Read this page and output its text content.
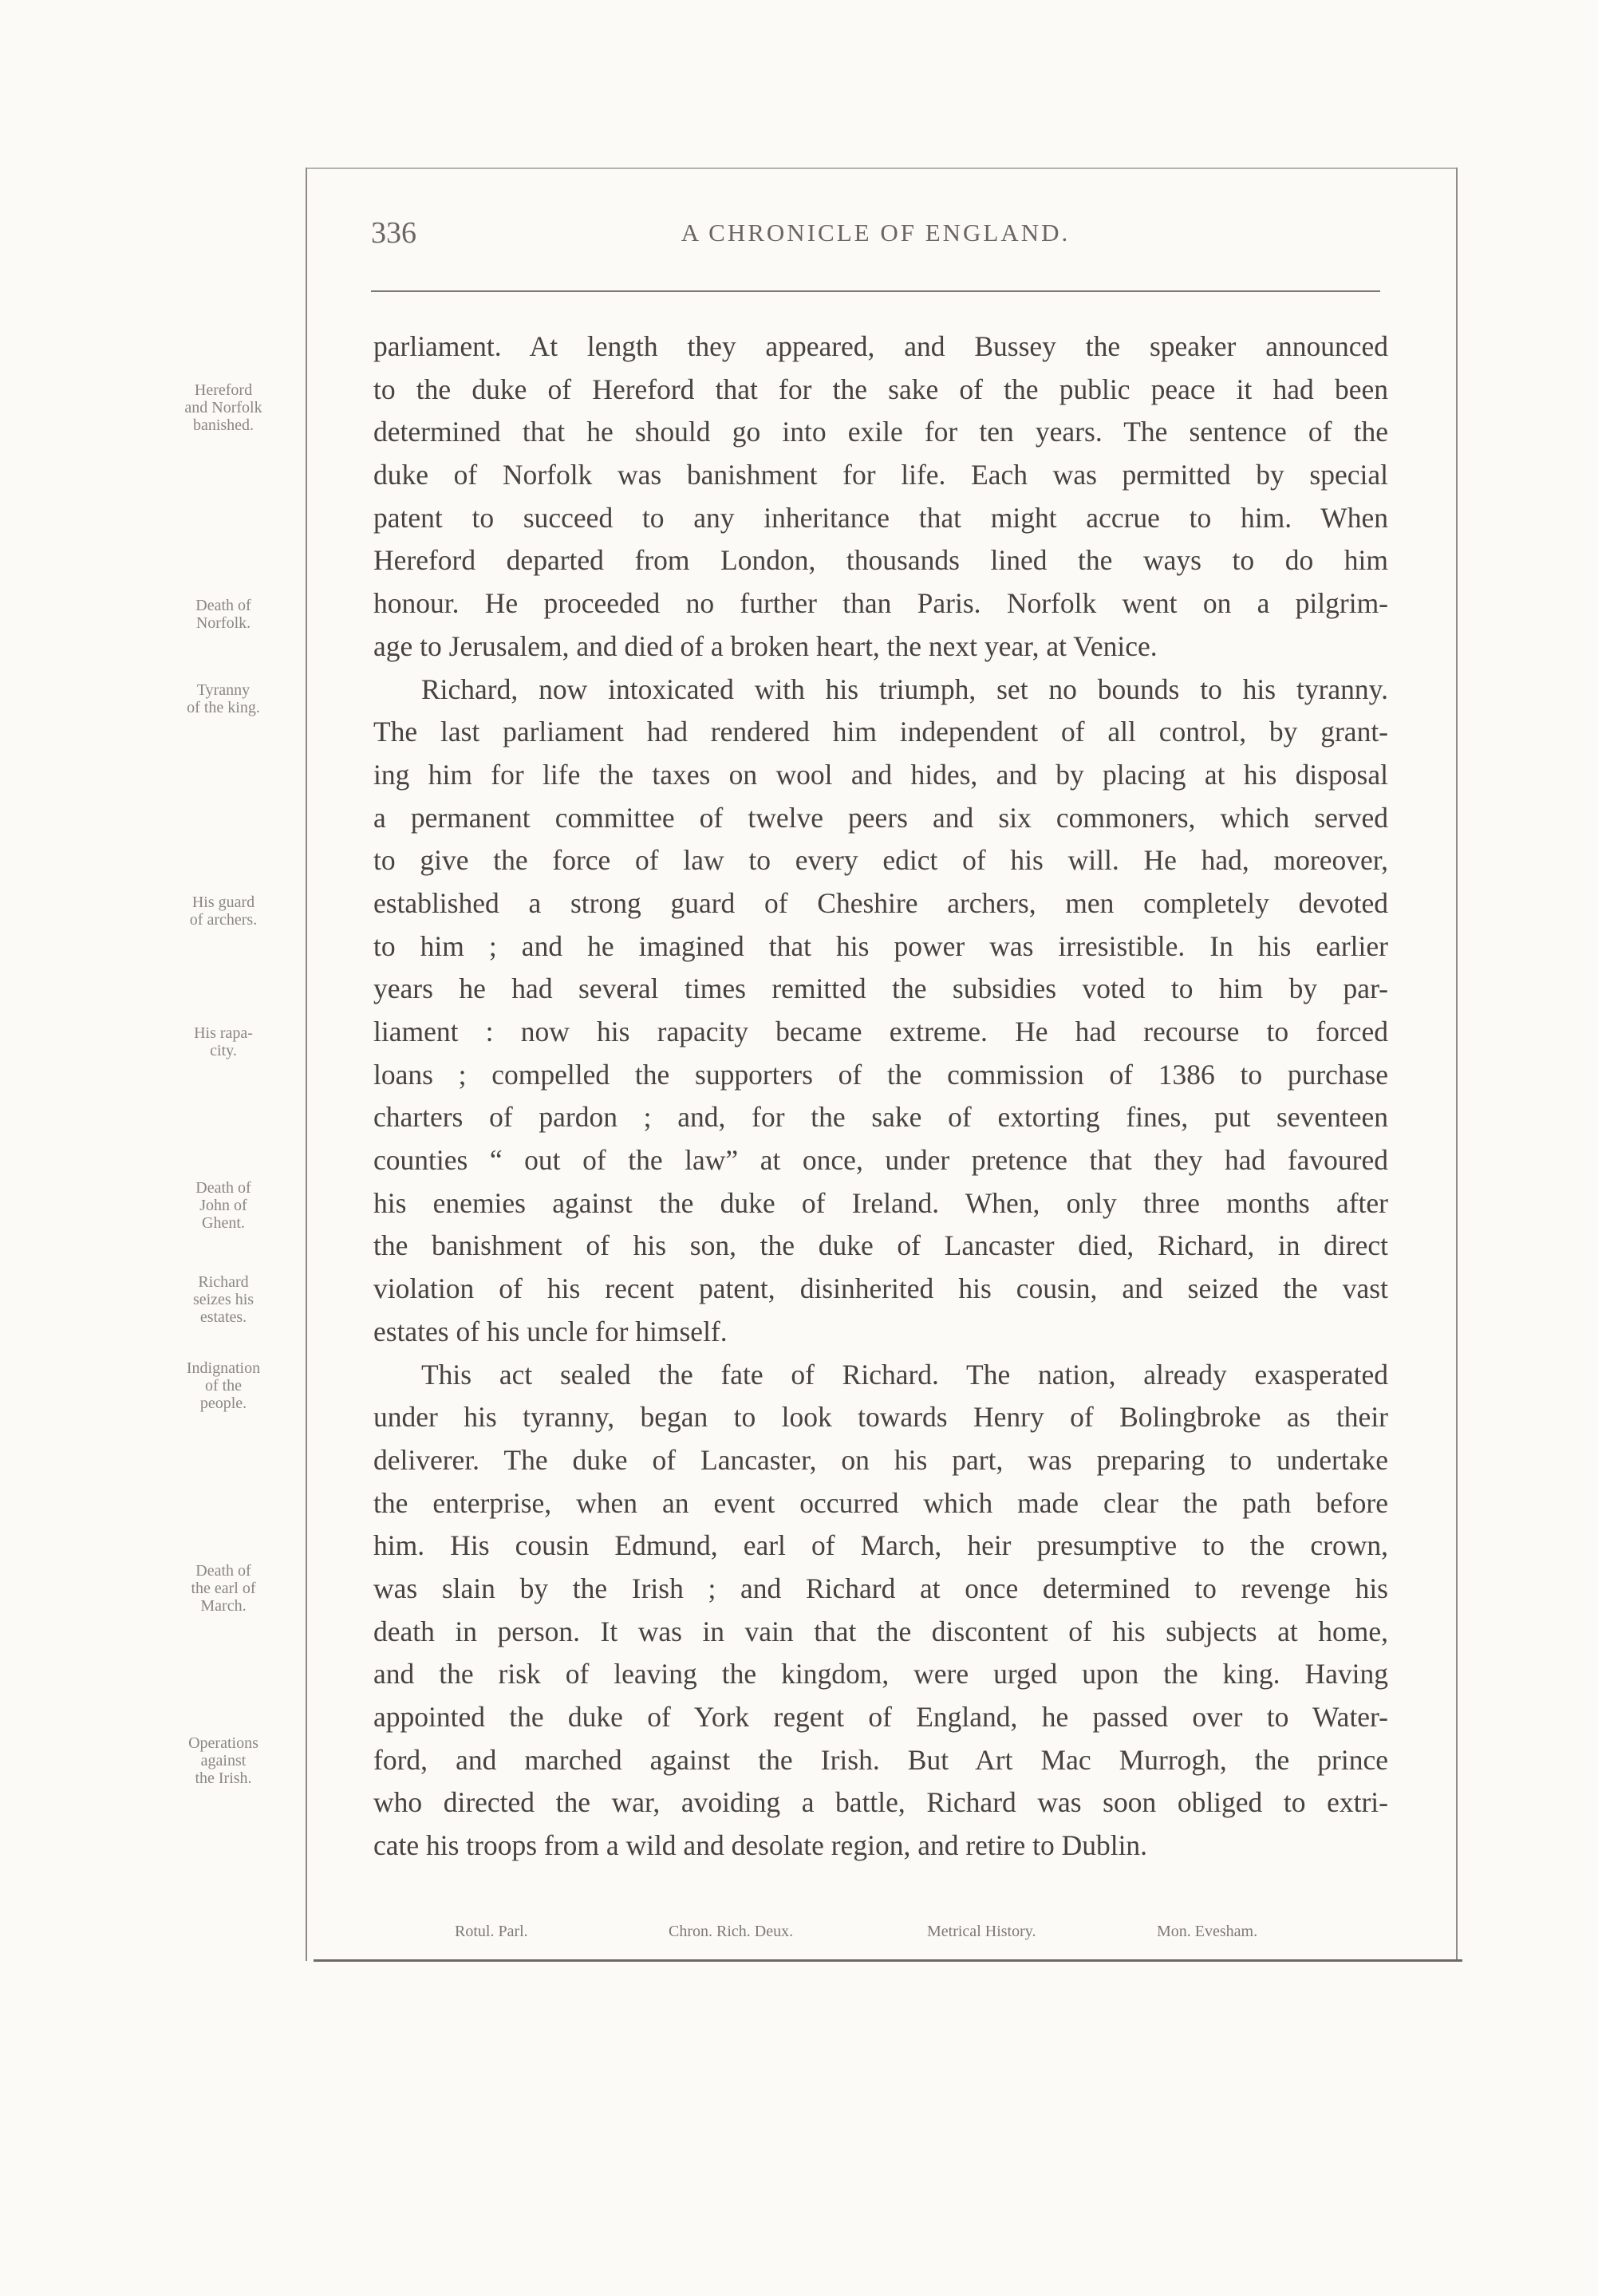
336	A CHRONICLE OF ENGLAND.
Hereford
and Norfolk
banished.
Death of
Norfolk.
Tyranny
of the king.
His guard
of archers.
His rapa-
city.
Death of
John of
Ghent.
Richard
seizes his
estates.
Indignation
of the
people.
Death of
the earl of
March.
Operations
against
the Irish.
parliament. At length they appeared, and Bussey the speaker announced
to the duke of Hereford that for the sake of the public peace it had been
determined that he should go into exile for ten years. The sentence of the
duke of Norfolk was banishment for life. Each was permitted by special
patent to succeed to any inheritance that might accrue to him. When
Hereford departed from London, thousands lined the ways to do him
honour. He proceeded no further than Paris. Norfolk went on a pilgrim-
age to Jerusalem, and died of a broken heart, the next year, at Venice.
Richard, now intoxicated with his triumph, set no bounds to his tyranny.
The last parliament had rendered him independent of all control, by grant-
ing him for life the taxes on wool and hides, and by placing at his disposal
a permanent committee of twelve peers and six commoners, which served
to give the force of law to every edict of his will. He had, moreover,
established a strong guard of Cheshire archers, men completely devoted
to him ; and he imagined that his power was irresistible. In his earlier
years he had several times remitted the subsidies voted to him by par-
liament : now his rapacity became extreme. He had recourse to forced
loans ; compelled the supporters of the commission of 1386 to purchase
charters of pardon ; and, for the sake of extorting fines, put seventeen
counties “ out of the law” at once, under pretence that they had favoured
his enemies against the duke of Ireland. When, only three months after
the banishment of his son, the duke of Lancaster died, Richard, in direct
violation of his recent patent, disinherited his cousin, and seized the vast
estates of his uncle for himself.
This act sealed the fate of Richard. The nation, already exasperated
under his tyranny, began to look towards Henry of Bolingbroke as their
deliverer. The duke of Lancaster, on his part, was preparing to undertake
the enterprise, when an event occurred which made clear the path before
him. His cousin Edmund, earl of March, heir presumptive to the crown,
was slain by the Irish ; and Richard at once determined to revenge his
death in person. It was in vain that the discontent of his subjects at home,
and the risk of leaving the kingdom, were urged upon the king. Having
appointed the duke of York regent of England, he passed over to Water-
ford, and marched against the Irish. But Art Mac Murrogh, the prince
who directed the war, avoiding a battle, Richard was soon obliged to extri-
cate his troops from a wild and desolate region, and retire to Dublin.
Rotul. Parl.	Chron. Rich. Deux.	Metrical History.	Mon. Evesham.
